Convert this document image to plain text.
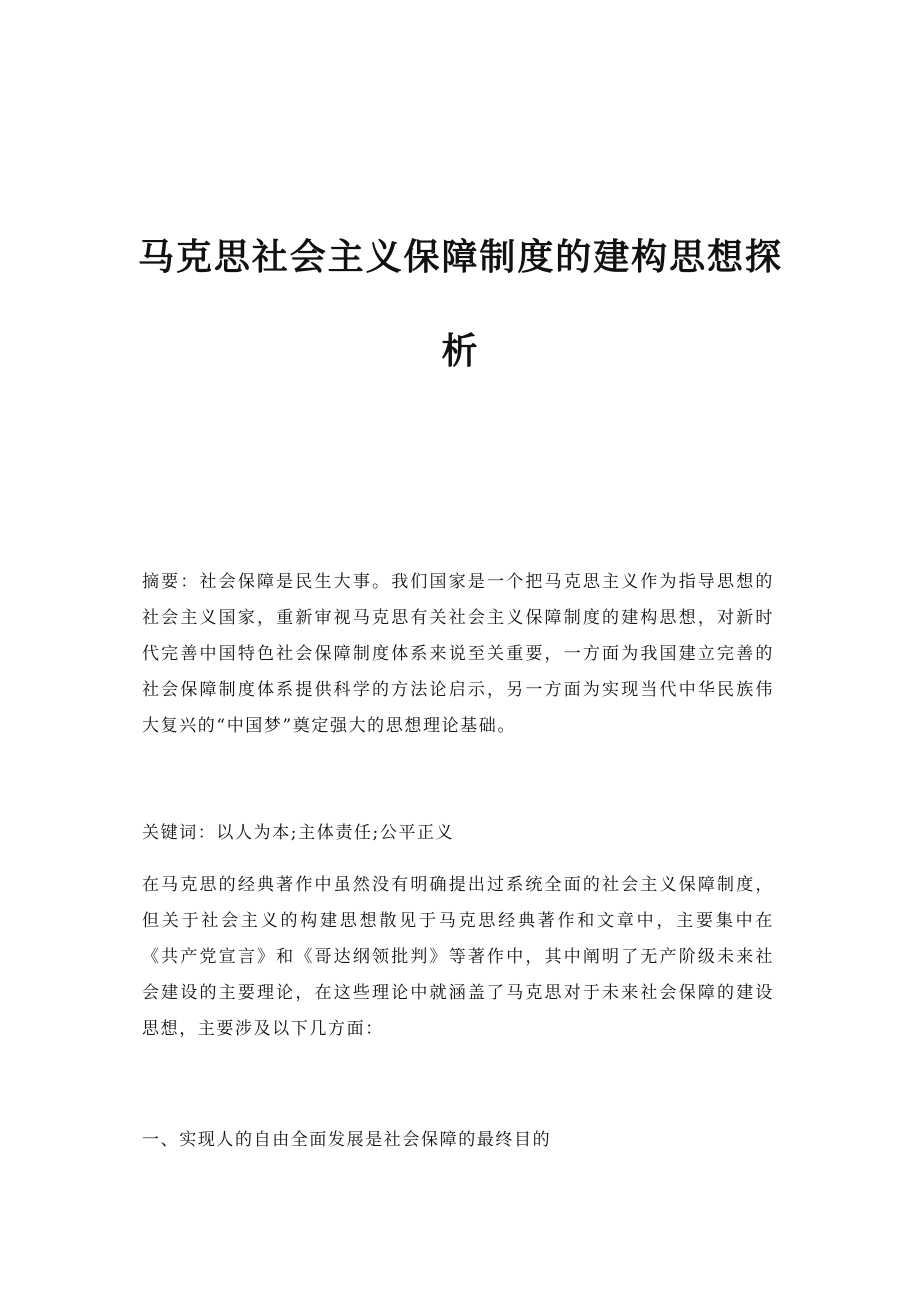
马克思社会主义保障制度的建构思想探析

摘要：社会保障是民生大事。我们国家是一个把马克思主义作为指导思想的社会主义国家，重新审视马克思有关社会主义保障制度的建构思想，对新时代完善中国特色社会保障制度体系来说至关重要，一方面为我国建立完善的社会保障制度体系提供科学的方法论启示，另一方面为实现当代中华民族伟大复兴的“中国梦”奠定强大的思想理论基础。

关键词：以人为本;主体责任;公平正义

在马克思的经典著作中虽然没有明确提出过系统全面的社会主义保障制度，但关于社会主义的构建思想散见于马克思经典著作和文章中，主要集中在《共产党宣言》和《哥达纲领批判》等著作中，其中阐明了无产阶级未来社会建设的主要理论，在这些理论中就涵盖了马克思对于未来社会保障的建设思想，主要涉及以下几方面：

一、实现人的自由全面发展是社会保障的最终目的
